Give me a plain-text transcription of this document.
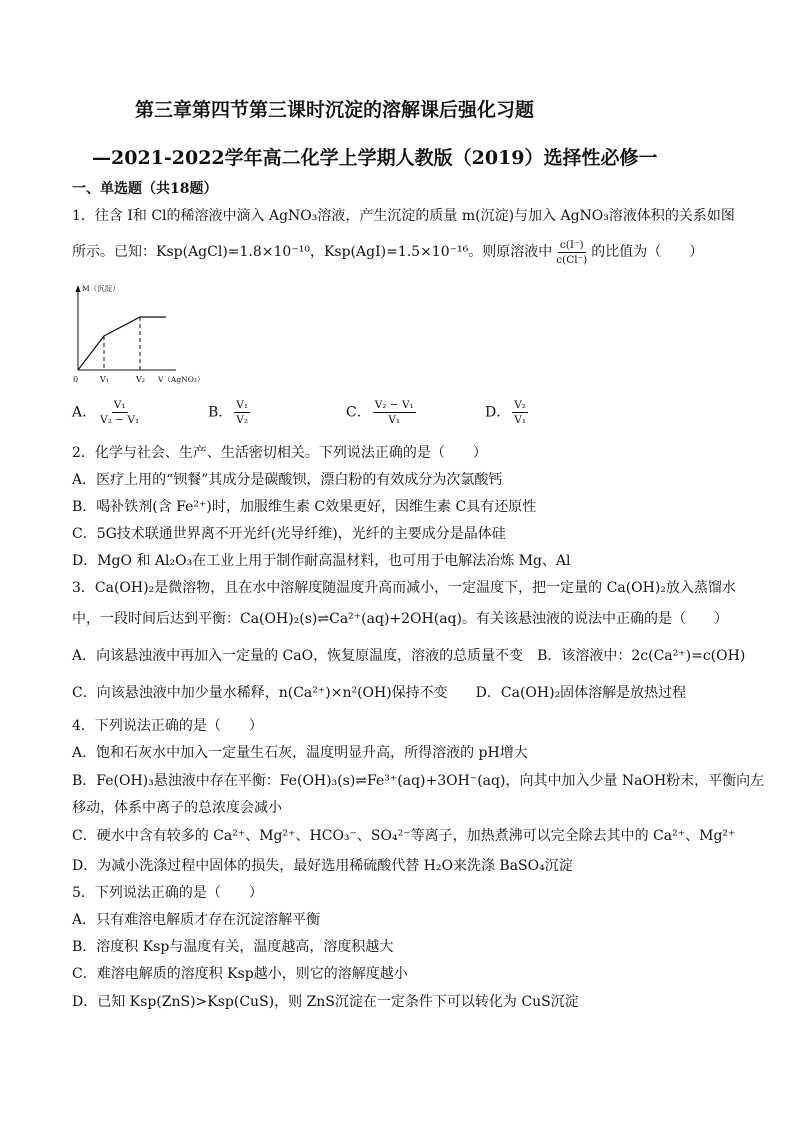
第三章第四节第三课时沉淀的溶解课后强化习题
—2021-2022学年高二化学上学期人教版（2019）选择性必修一
一、单选题（共18题）
1．往含 I和 Cl的稀溶液中滴入 AgNO₃溶液，产生沉淀的质量 m(沉淀)与加入 AgNO₃溶液体积的关系如图
所示。已知：Ksp(AgCl)=1.8×10⁻¹⁰，Ksp(AgI)=1.5×10⁻¹⁶。则原溶液中 $\frac{c(I^-)}{c(Cl^-)}$ 的比值为（　　）
M（沉淀）
0	V₁	V₂ V（AgNO₃）
A． $\frac{\text{V₁}}{\text{V₂ − V₁}}$	B． $\frac{\text{V₁}}{\text{V₂}}$	C． $\frac{\text{V₂ − V₁}}{\text{V₁}}$	D． $\frac{\text{V₂}}{\text{V₁}}$
2．化学与社会、生产、生活密切相关。下列说法正确的是（　　）
A．医疗上用的“钡餐”其成分是碳酸钡，漂白粉的有效成分为次氯酸钙
B．喝补铁剂(含 Fe²⁺)时，加服维生素 C效果更好，因维生素 C具有还原性
C．5G技术联通世界离不开光纤(光导纤维)，光纤的主要成分是晶体硅
D．MgO 和 Al₂O₃在工业上用于制作耐高温材料，也可用于电解法冶炼 Mg、Al
3．Ca(OH)₂是微溶物，且在水中溶解度随温度升高而减小，一定温度下，把一定量的 Ca(OH)₂放入蒸馏水
中，一段时间后达到平衡：Ca(OH)₂(s)⇌Ca²⁺(aq)+2OH(aq)。有关该悬浊液的说法中正确的是（　　）
A．向该悬浊液中再加入一定量的 CaO，恢复原温度，溶液的总质量不变　B．该溶液中：2c(Ca²⁺)=c(OH)
C．向该悬浊液中加少量水稀释，n(Ca²⁺)×n²(OH)保持不变　　D．Ca(OH)₂固体溶解是放热过程
4．下列说法正确的是（　　）
A．饱和石灰水中加入一定量生石灰，温度明显升高，所得溶液的 pH增大
B．Fe(OH)₃悬浊液中存在平衡：Fe(OH)₃(s)⇌Fe³⁺(aq)+3OH⁻(aq)，向其中加入少量 NaOH粉末，平衡向左
移动，体系中离子的总浓度会减小
C．硬水中含有较多的 Ca²⁺、Mg²⁺、HCO₃⁻、SO₄²⁻等离子，加热煮沸可以完全除去其中的 Ca²⁺、Mg²⁺
D．为减小洗涤过程中固体的损失，最好选用稀硫酸代替 H₂O来洗涤 BaSO₄沉淀
5．下列说法正确的是（　　）
A．只有难溶电解质才存在沉淀溶解平衡
B．溶度积 Ksp与温度有关，温度越高，溶度积越大
C．难溶电解质的溶度积 Ksp越小，则它的溶解度越小
D．已知 Ksp(ZnS)>Ksp(CuS)，则 ZnS沉淀在一定条件下可以转化为 CuS沉淀
